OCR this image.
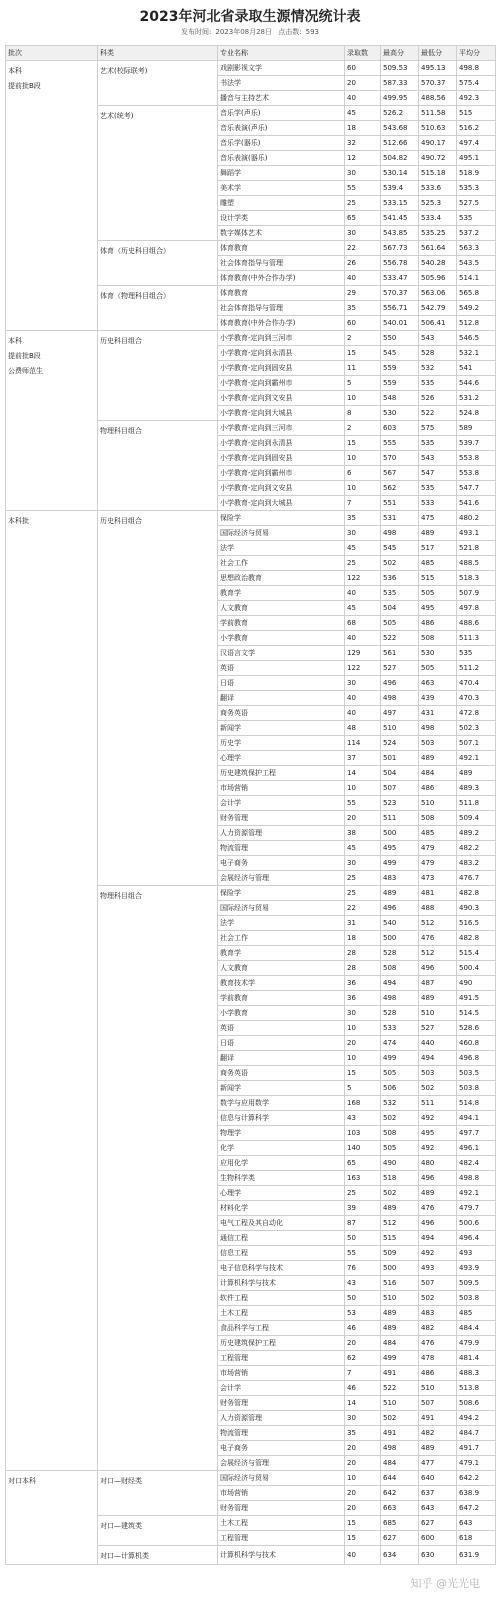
2023年河北省录取生源情况统计表
发布时间: 2023年08月28日 点击数: 593
批次	科类	专业名称	录取数	最高分	最低分	平均分

本科
提前批B段	艺术(校际联考)	戏剧影视文学	60	509.53	495.13	498.8
		书法学	20	587.33	570.37	575.4
		播音与主持艺术	40	499.95	488.56	492.3
	艺术(统考)	音乐学(声乐)	45	526.2	511.58	515
		音乐表演(声乐)	18	543.68	510.63	516.2
		音乐学(器乐)	32	512.66	490.17	497.4
		音乐表演(器乐)	12	504.82	490.72	495.1
		舞蹈学	30	530.14	515.18	518.9
		美术学	55	539.4	533.6	535.3
		雕塑	25	533.15	525.3	527.5
		设计学类	65	541.45	533.4	535
		数字媒体艺术	30	543.85	535.25	537.2
	体育（历史科目组合）	体育教育	22	567.73	561.64	563.3
		社会体育指导与管理	26	556.78	540.28	543.5
		体育教育(中外合作办学)	40	533.47	505.96	514.1
	体育（物理科目组合）	体育教育	29	570.37	563.06	565.8
		社会体育指导与管理	35	556.71	542.79	549.2
		体育教育(中外合作办学)	60	540.01	506.41	512.8

本科
提前批B段
公费师范生	历史科目组合	小学教育-定向到三河市	2	550	543	546.5
		小学教育-定向到永清县	15	545	528	532.1
		小学教育-定向到固安县	11	559	532	541
		小学教育-定向到霸州市	5	559	535	544.6
		小学教育-定向到文安县	10	548	526	531.2
		小学教育-定向到大城县	8	530	522	524.8
	物理科目组合	小学教育-定向到三河市	2	603	575	589
		小学教育-定向到永清县	15	555	535	539.7
		小学教育-定向到固安县	10	570	543	553.8
		小学教育-定向到霸州市	6	567	547	553.8
		小学教育-定向到文安县	10	562	535	547.7
		小学教育-定向到大城县	7	551	533	541.6

本科批	历史科目组合	保险学	35	531	475	480.2
		国际经济与贸易	30	498	489	493.1
		法学	45	545	517	521.8
		社会工作	25	502	485	488.5
		思想政治教育	122	536	515	518.3
		教育学	40	535	505	507.9
		人文教育	45	504	495	497.8
		学前教育	68	505	486	488.6
		小学教育	40	522	508	511.3
		汉语言文学	129	561	530	535
		英语	122	527	505	511.2
		日语	30	496	463	470.4
		翻译	40	498	439	470.3
		商务英语	40	497	431	472.8
		新闻学	48	510	498	502.3
		历史学	114	524	503	507.1
		心理学	37	501	489	492.1
		历史建筑保护工程	14	504	484	489
		市场营销	10	507	486	489.3
		会计学	55	523	510	511.8
		财务管理	20	511	508	509.4
		人力资源管理	38	500	485	489.2
		物流管理	45	495	479	482.2
		电子商务	30	499	479	483.2
		会展经济与管理	25	483	473	476.7
	物理科目组合	保险学	25	489	481	482.8
		国际经济与贸易	22	496	488	490.3
		法学	31	540	512	516.5
		社会工作	18	500	476	482.8
		教育学	28	528	512	515.4
		人文教育	28	508	496	500.4
		教育技术学	36	494	487	490
		学前教育	36	498	489	491.5
		小学教育	30	528	510	514.5
		英语	10	533	527	528.6
		日语	20	474	440	460.8
		翻译	10	499	494	496.8
		商务英语	15	505	503	503.5
		新闻学	5	506	502	503.8
		数学与应用数学	168	532	511	514.8
		信息与计算科学	43	502	492	494.1
		物理学	103	508	495	497.7
		化学	140	505	492	496.1
		应用化学	65	490	480	482.4
		生物科学类	163	518	496	498.8
		心理学	25	502	489	492.1
		材料化学	39	489	476	479.7
		电气工程及其自动化	87	512	496	500.6
		通信工程	50	515	494	496.4
		信息工程	55	509	492	493
		电子信息科学与技术	76	500	493	493.9
		计算机科学与技术	43	516	507	509.5
		软件工程	50	510	502	503.8
		土木工程	53	489	483	485
		食品科学与工程	46	489	482	484.4
		历史建筑保护工程	20	484	476	479.9
		工程管理	62	499	478	481.4
		市场营销	7	491	486	488.3
		会计学	46	522	510	513.8
		财务管理	14	510	507	508.6
		人力资源管理	30	502	491	494.2
		物流管理	35	491	482	484.7
		电子商务	20	498	489	491.7
		会展经济与管理	20	484	477	479.1

对口本科	对口—财经类	国际经济与贸易	10	644	640	642.2
		市场营销	20	642	637	638.9
		财务管理	20	663	643	647.2
	对口—建筑类	土木工程	15	685	627	643
		工程管理	15	627	600	618
	对口—计算机类	计算机科学与技术	40	634	630	631.9
知乎 @光光电
